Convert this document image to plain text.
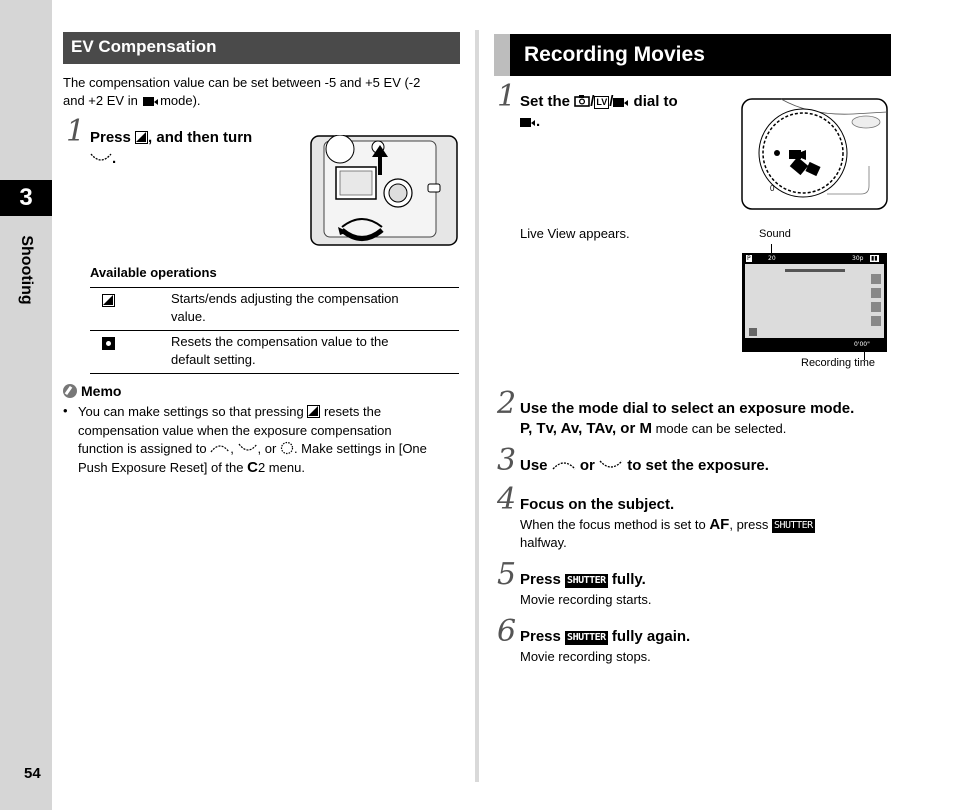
3
Shooting
54
EV Compensation
The compensation value can be set between -5 and +5 EV (-2
and +2 EV in mode).
1 Press , and then turn
.
Available operations
Starts/ends adjusting the compensation
value.
Resets the compensation value to the
default setting.
Memo
• You can make settings so that pressing resets the
compensation value when the exposure compensation
function is assigned to , , or . Make settings in [One
Push Exposure Reset] of the C2 menu.
Recording Movies
1 Set the / LV / dial to
.
Live View appears.
0
Sound
P	20	30p ▮▮
0'00"
Recording time
2 Use the mode dial to select an exposure mode.
P, Tv, Av, TAv, or M mode can be selected.
3 Use or to set the exposure.
4 Focus on the subject.
When the focus method is set to AF, press SHUTTER
halfway.
5 Press SHUTTER fully.
Movie recording starts.
6 Press SHUTTER fully again.
Movie recording stops.
